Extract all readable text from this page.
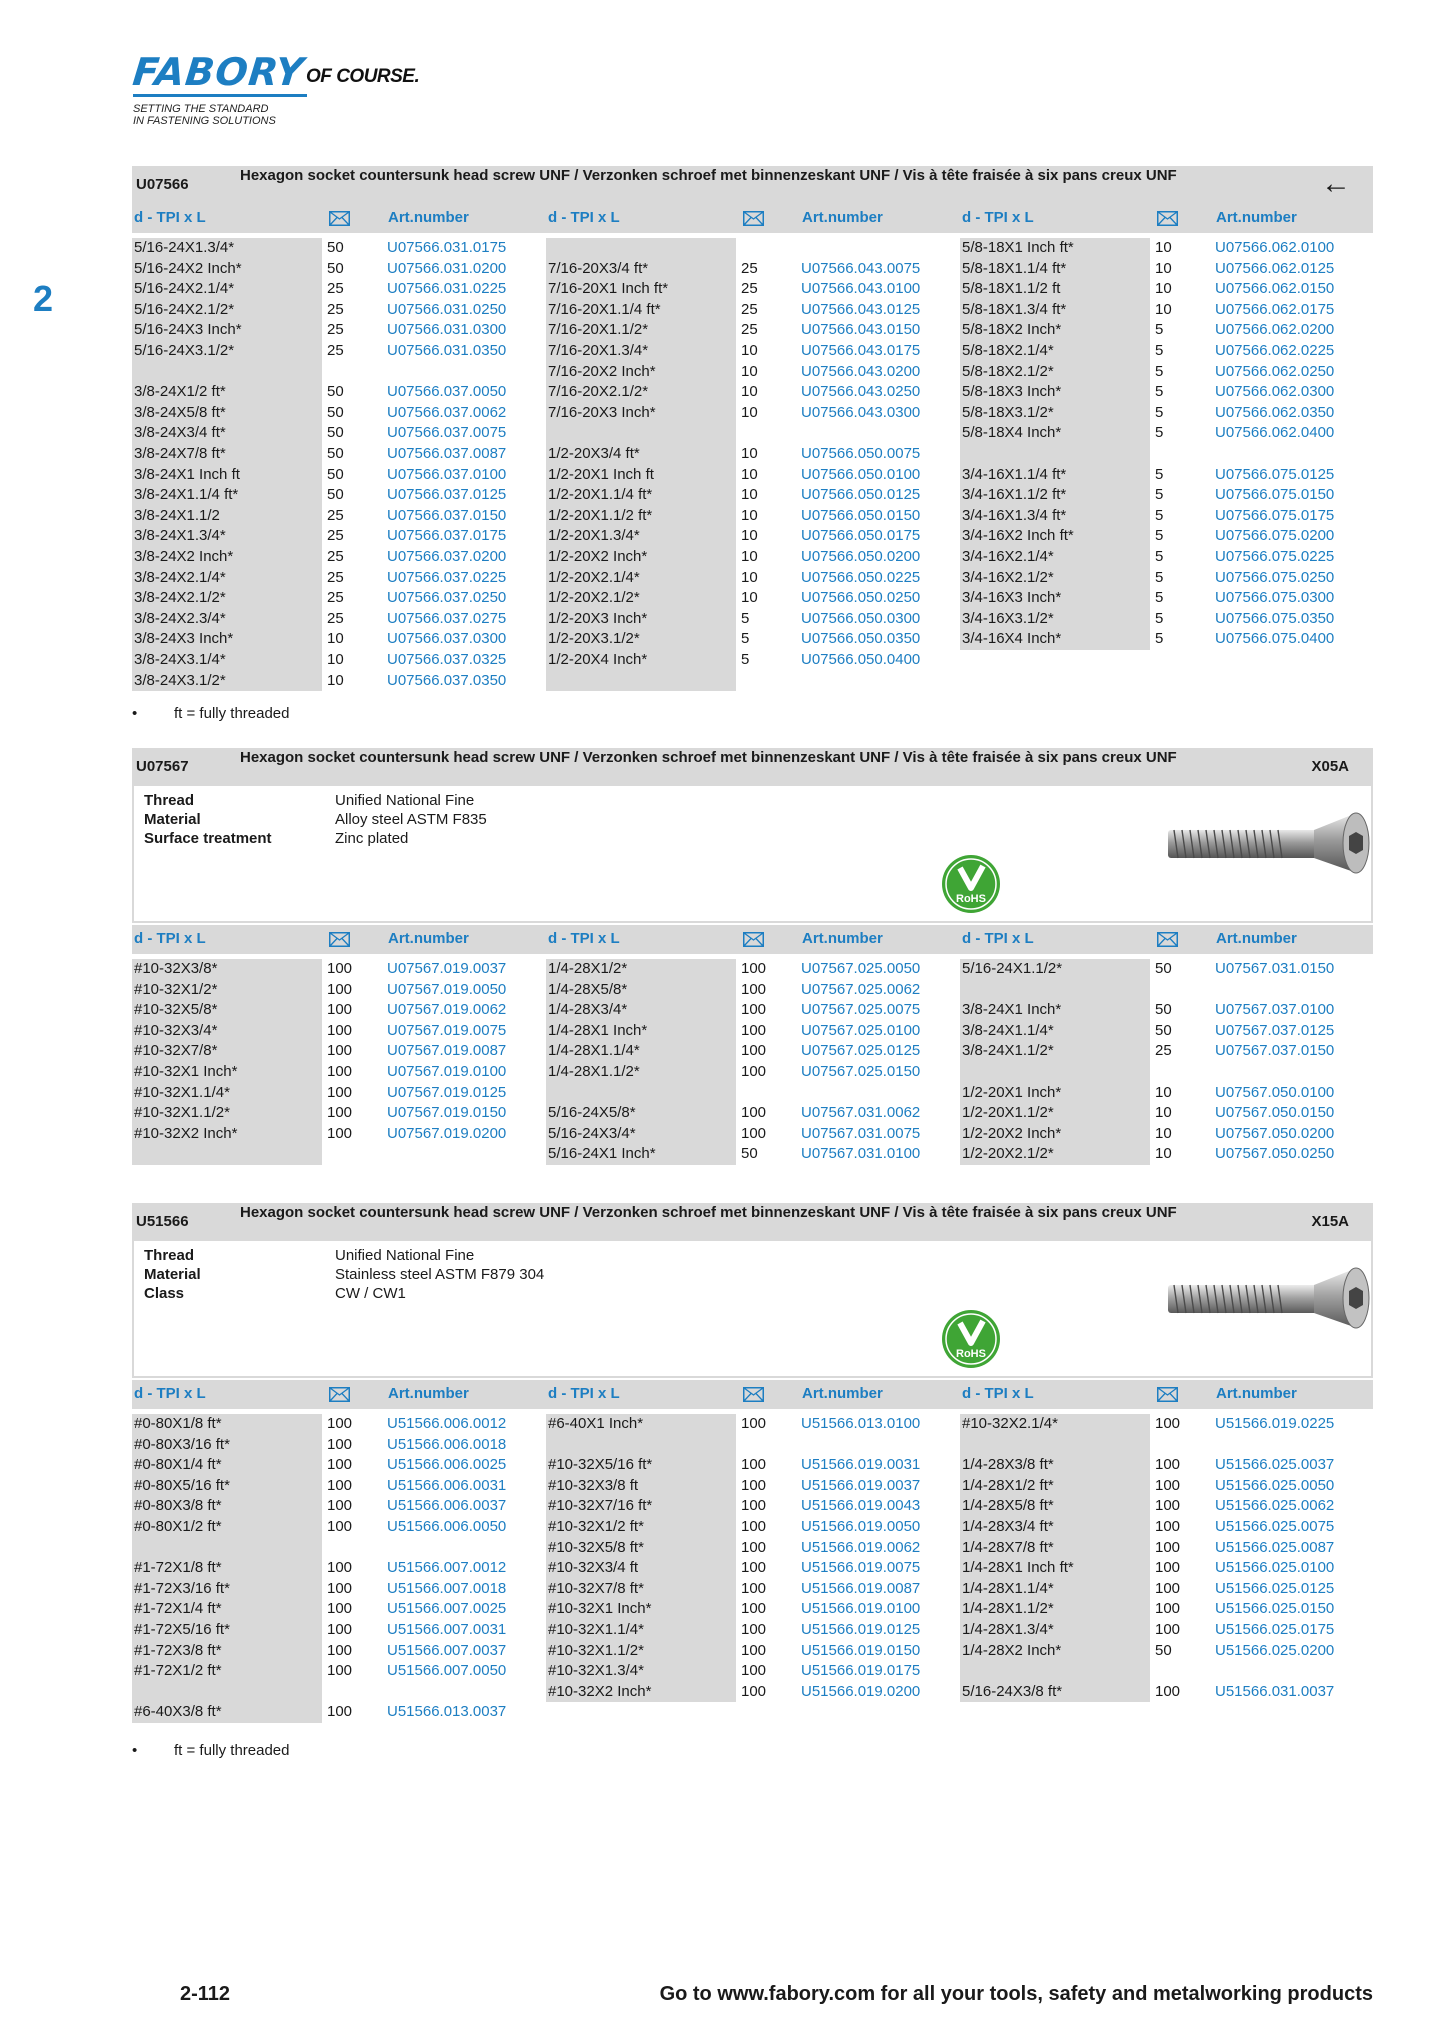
FABORY OF COURSE.
SETTING THE STANDARD
IN FASTENING SOLUTIONS
2
U07566
Hexagon socket countersunk head screw UNF / Verzonken schroef met binnenzeskant UNF / Vis à tête fraisée à six pans creux UNF	←
d - TPI x L	Art.number	d - TPI x L	Art.number	d - TPI x L	Art.number
5/16-24X1.3/4*	50	U07566.031.0175
5/16-24X2 Inch*	50	U07566.031.0200
5/16-24X2.1/4*	25	U07566.031.0225
5/16-24X2.1/2*	25	U07566.031.0250
5/16-24X3 Inch*	25	U07566.031.0300
5/16-24X3.1/2*	25	U07566.031.0350
3/8-24X1/2 ft*	50	U07566.037.0050
3/8-24X5/8 ft*	50	U07566.037.0062
3/8-24X3/4 ft*	50	U07566.037.0075
3/8-24X7/8 ft*	50	U07566.037.0087
3/8-24X1 Inch ft	50	U07566.037.0100
3/8-24X1.1/4 ft*	50	U07566.037.0125
3/8-24X1.1/2	25	U07566.037.0150
3/8-24X1.3/4*	25	U07566.037.0175
3/8-24X2 Inch*	25	U07566.037.0200
3/8-24X2.1/4*	25	U07566.037.0225
3/8-24X2.1/2*	25	U07566.037.0250
3/8-24X2.3/4*	25	U07566.037.0275
3/8-24X3 Inch*	10	U07566.037.0300
3/8-24X3.1/4*	10	U07566.037.0325
3/8-24X3.1/2*	10	U07566.037.0350
7/16-20X3/4 ft*	25	U07566.043.0075
7/16-20X1 Inch ft*	25	U07566.043.0100
7/16-20X1.1/4 ft*	25	U07566.043.0125
7/16-20X1.1/2*	25	U07566.043.0150
7/16-20X1.3/4*	10	U07566.043.0175
7/16-20X2 Inch*	10	U07566.043.0200
7/16-20X2.1/2*	10	U07566.043.0250
7/16-20X3 Inch*	10	U07566.043.0300
1/2-20X3/4 ft*	10	U07566.050.0075
1/2-20X1 Inch ft	10	U07566.050.0100
1/2-20X1.1/4 ft*	10	U07566.050.0125
1/2-20X1.1/2 ft*	10	U07566.050.0150
1/2-20X1.3/4*	10	U07566.050.0175
1/2-20X2 Inch*	10	U07566.050.0200
1/2-20X2.1/4*	10	U07566.050.0225
1/2-20X2.1/2*	10	U07566.050.0250
1/2-20X3 Inch*	5	U07566.050.0300
1/2-20X3.1/2*	5	U07566.050.0350
1/2-20X4 Inch*	5	U07566.050.0400
5/8-18X1 Inch ft*	10	U07566.062.0100
5/8-18X1.1/4 ft*	10	U07566.062.0125
5/8-18X1.1/2 ft	10	U07566.062.0150
5/8-18X1.3/4 ft*	10	U07566.062.0175
5/8-18X2 Inch*	5	U07566.062.0200
5/8-18X2.1/4*	5	U07566.062.0225
5/8-18X2.1/2*	5	U07566.062.0250
5/8-18X3 Inch*	5	U07566.062.0300
5/8-18X3.1/2*	5	U07566.062.0350
5/8-18X4 Inch*	5	U07566.062.0400
3/4-16X1.1/4 ft*	5	U07566.075.0125
3/4-16X1.1/2 ft*	5	U07566.075.0150
3/4-16X1.3/4 ft*	5	U07566.075.0175
3/4-16X2 Inch ft*	5	U07566.075.0200
3/4-16X2.1/4*	5	U07566.075.0225
3/4-16X2.1/2*	5	U07566.075.0250
3/4-16X3 Inch*	5	U07566.075.0300
3/4-16X3.1/2*	5	U07566.075.0350
3/4-16X4 Inch*	5	U07566.075.0400
• ft = fully threaded
U07567
Hexagon socket countersunk head screw UNF / Verzonken schroef met binnenzeskant UNF / Vis à tête fraisée à six pans creux UNF
X05A
Thread	Unified National Fine
Material	Alloy steel ASTM F835
Surface treatment	Zinc plated
RoHS
d - TPI x L	Art.number	d - TPI x L	Art.number	d - TPI x L	Art.number
#10-32X3/8*	100 U07567.019.0037
#10-32X1/2*	100 U07567.019.0050
#10-32X5/8*	100 U07567.019.0062
#10-32X3/4*	100 U07567.019.0075
#10-32X7/8*	100 U07567.019.0087
#10-32X1 Inch*	100 U07567.019.0100
#10-32X1.1/4*	100 U07567.019.0125
#10-32X1.1/2*	100 U07567.019.0150
#10-32X2 Inch*	100 U07567.019.0200
1/4-28X1/2*	100 U07567.025.0050
1/4-28X5/8*	100 U07567.025.0062
1/4-28X3/4*	100 U07567.025.0075
1/4-28X1 Inch*	100 U07567.025.0100
1/4-28X1.1/4*	100 U07567.025.0125
1/4-28X1.1/2*	100 U07567.025.0150
5/16-24X5/8*	100 U07567.031.0062
5/16-24X3/4*	100 U07567.031.0075
5/16-24X1 Inch*	50	U07567.031.0100
5/16-24X1.1/2*	50	U07567.031.0150
3/8-24X1 Inch*	50	U07567.037.0100
3/8-24X1.1/4*	50	U07567.037.0125
3/8-24X1.1/2*	25	U07567.037.0150
1/2-20X1 Inch*	10	U07567.050.0100
1/2-20X1.1/2*	10	U07567.050.0150
1/2-20X2 Inch*	10	U07567.050.0200
1/2-20X2.1/2*	10	U07567.050.0250
U51566
Hexagon socket countersunk head screw UNF / Verzonken schroef met binnenzeskant UNF / Vis à tête fraisée à six pans creux UNF
X15A
Thread	Unified National Fine
Material	Stainless steel ASTM F879 304
Class	CW / CW1
RoHS
d - TPI x L	Art.number	d - TPI x L	Art.number	d - TPI x L	Art.number
#0-80X1/8 ft*	100 U51566.006.0012
#0-80X3/16 ft*	100 U51566.006.0018
#0-80X1/4 ft*	100 U51566.006.0025
#0-80X5/16 ft*	100 U51566.006.0031
#0-80X3/8 ft*	100 U51566.006.0037
#0-80X1/2 ft*	100 U51566.006.0050
#1-72X1/8 ft*	100 U51566.007.0012
#1-72X3/16 ft*	100 U51566.007.0018
#1-72X1/4 ft*	100 U51566.007.0025
#1-72X5/16 ft*	100 U51566.007.0031
#1-72X3/8 ft*	100 U51566.007.0037
#1-72X1/2 ft*	100 U51566.007.0050
#6-40X3/8 ft*	100 U51566.013.0037
#6-40X1 Inch*	100 U51566.013.0100
#10-32X5/16 ft*	100 U51566.019.0031
#10-32X3/8 ft	100 U51566.019.0037
#10-32X7/16 ft*	100 U51566.019.0043
#10-32X1/2 ft*	100 U51566.019.0050
#10-32X5/8 ft*	100 U51566.019.0062
#10-32X3/4 ft	100 U51566.019.0075
#10-32X7/8 ft*	100 U51566.019.0087
#10-32X1 Inch*	100 U51566.019.0100
#10-32X1.1/4*	100 U51566.019.0125
#10-32X1.1/2*	100 U51566.019.0150
#10-32X1.3/4*	100 U51566.019.0175
#10-32X2 Inch*	100 U51566.019.0200
#10-32X2.1/4*	100 U51566.019.0225
1/4-28X3/8 ft*	100 U51566.025.0037
1/4-28X1/2 ft*	100 U51566.025.0050
1/4-28X5/8 ft*	100 U51566.025.0062
1/4-28X3/4 ft*	100 U51566.025.0075
1/4-28X7/8 ft*	100 U51566.025.0087
1/4-28X1 Inch ft*	100 U51566.025.0100
1/4-28X1.1/4*	100 U51566.025.0125
1/4-28X1.1/2*	100 U51566.025.0150
1/4-28X1.3/4*	100 U51566.025.0175
1/4-28X2 Inch*	50	U51566.025.0200
5/16-24X3/8 ft*	100 U51566.031.0037
• ft = fully threaded
2-112	Go to www.fabory.com for all your tools, safety and metalworking products
